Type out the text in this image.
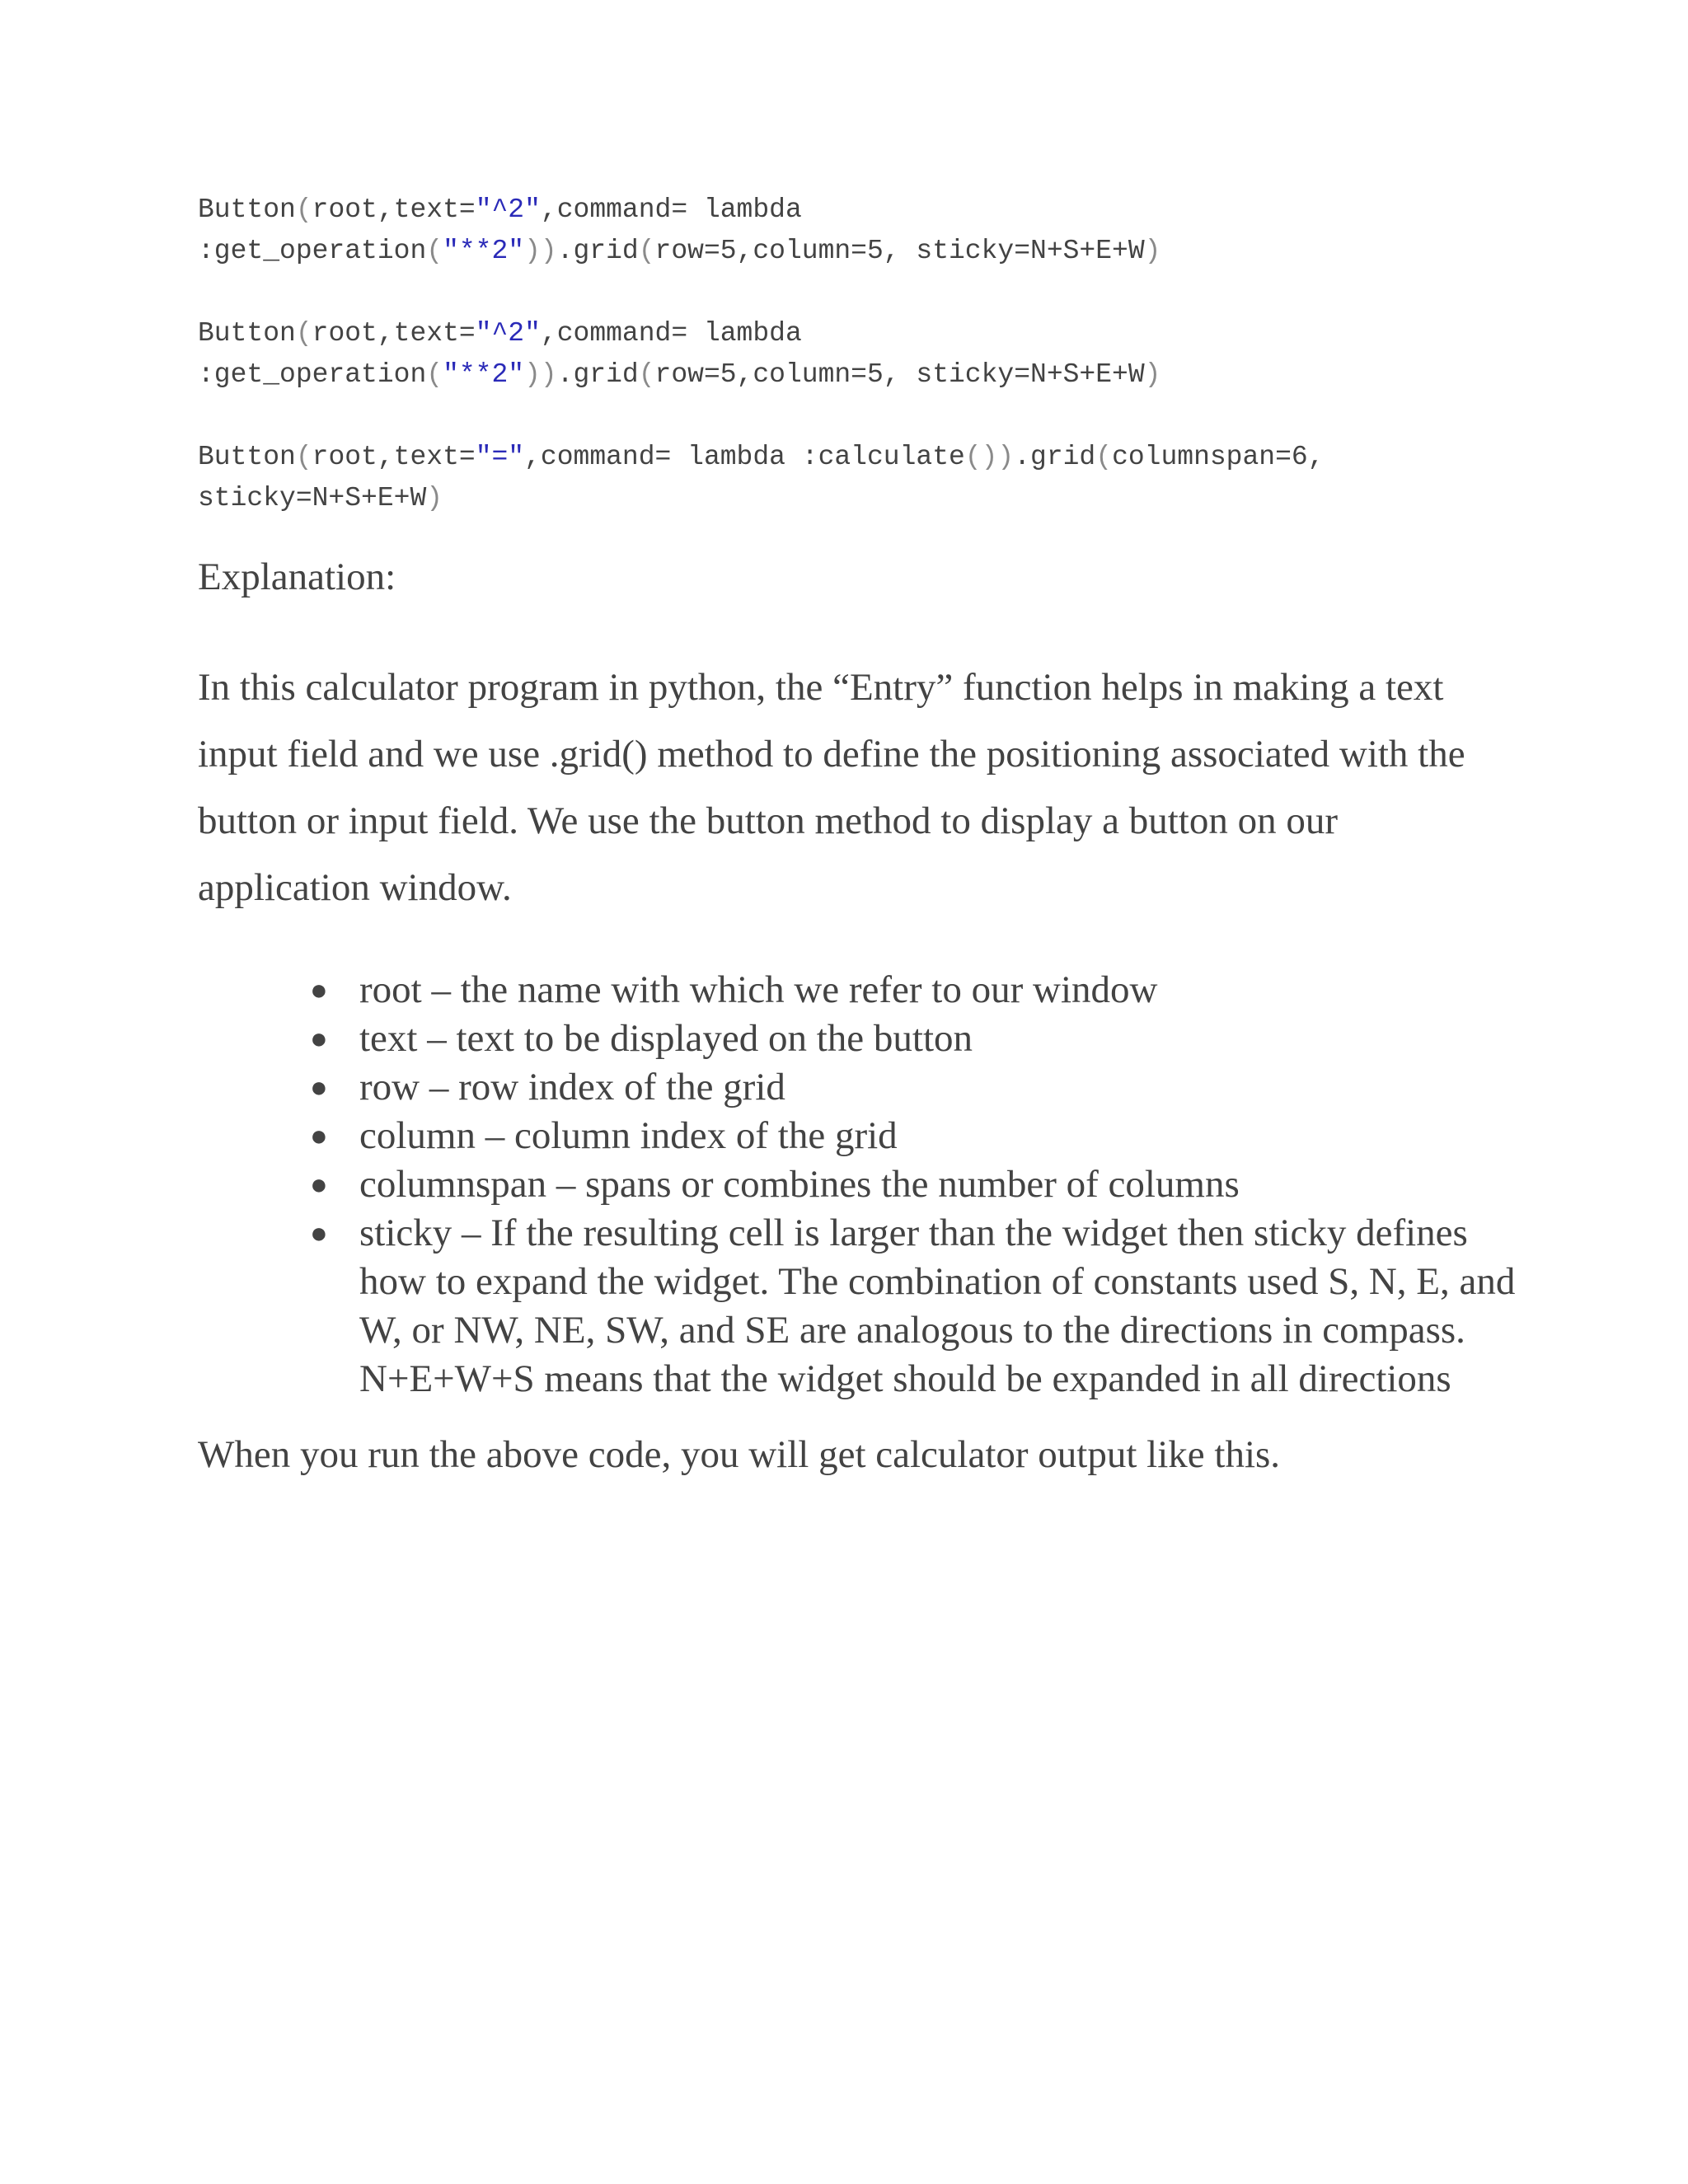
Button(root,text="^2",command= lambda
:get_operation("**2")).grid(row=5,column=5, sticky=N+S+E+W)
Button(root,text="^2",command= lambda
:get_operation("**2")).grid(row=5,column=5, sticky=N+S+E+W)
Button(root,text="=",command= lambda :calculate()).grid(columnspan=6,
sticky=N+S+E+W)
Explanation:

In this calculator program in python, the “Entry” function helps in making a text input field and we use .grid() method to define the positioning associated with the button or input field. We use the button method to display a button on our application window.

● root – the name with which we refer to our window
● text – text to be displayed on the button
● row – row index of the grid
● column – column index of the grid
● columnspan – spans or combines the number of columns
● sticky – If the resulting cell is larger than the widget then sticky defines how to expand the widget. The combination of constants used S, N, E, and W, or NW, NE, SW, and SE are analogous to the directions in compass. N+E+W+S means that the widget should be expanded in all directions

When you run the above code, you will get calculator output like this.
